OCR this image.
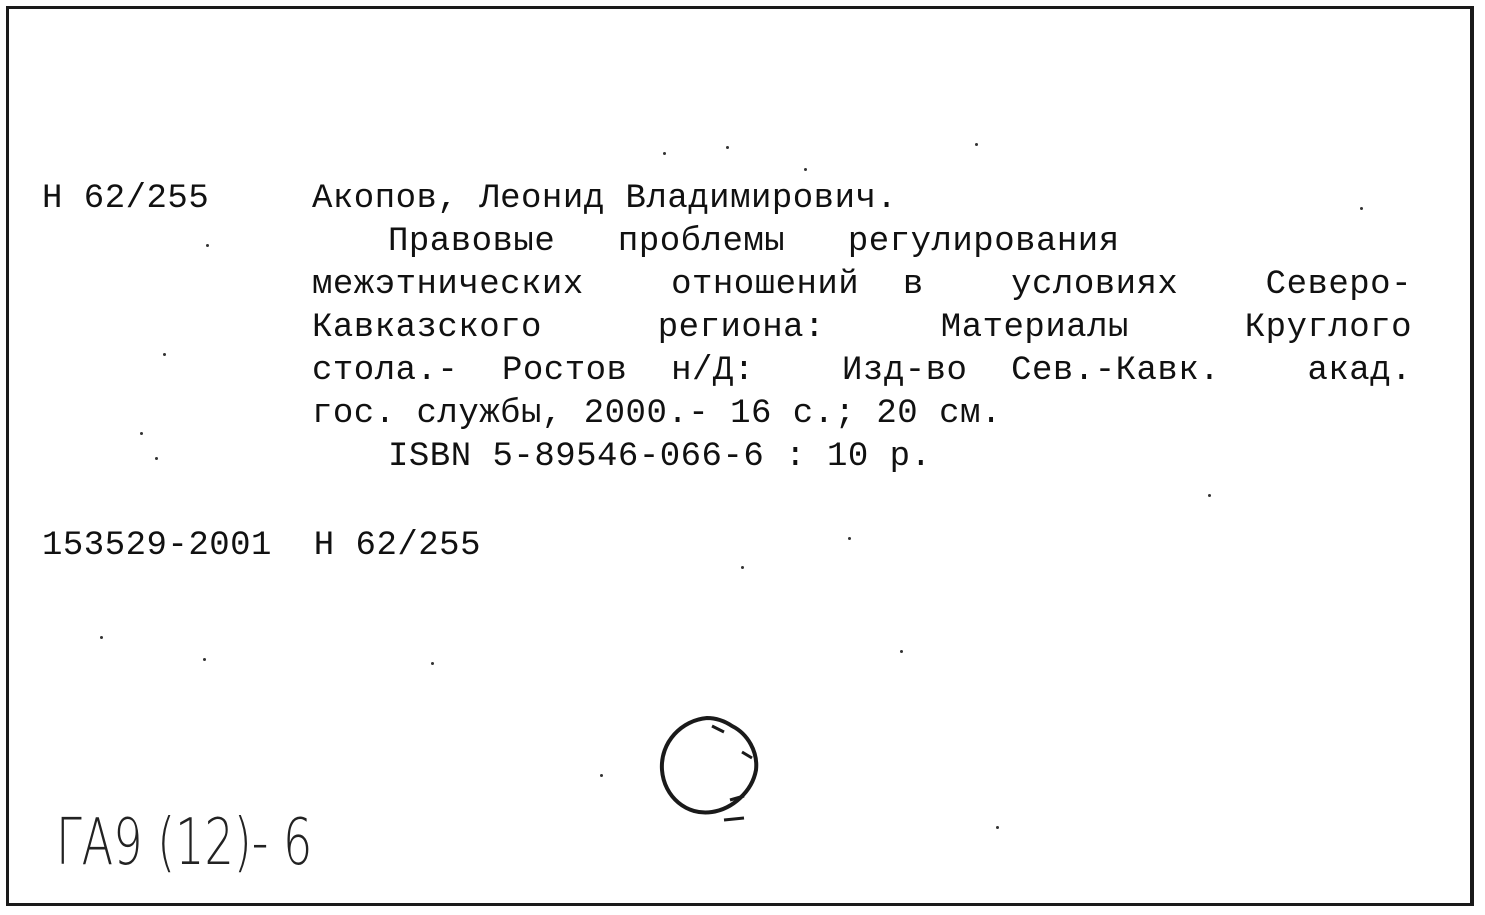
Н 62/255	Акопов, Леонид Владимирович.
Правовые   проблемы   регулирования
межэтнических  отношений в  условиях  Северо-
Кавказского   региона:   Материалы   Круглого
стола.- Ростов н/Д:  Изд-во Сев.-Кавк.  акад.
гос. службы, 2000.- 16 с.; 20 см.
ISBN 5-89546-066-6 : 10 р.
153529-2001  Н 62/255
ГА9 (12)- 6
